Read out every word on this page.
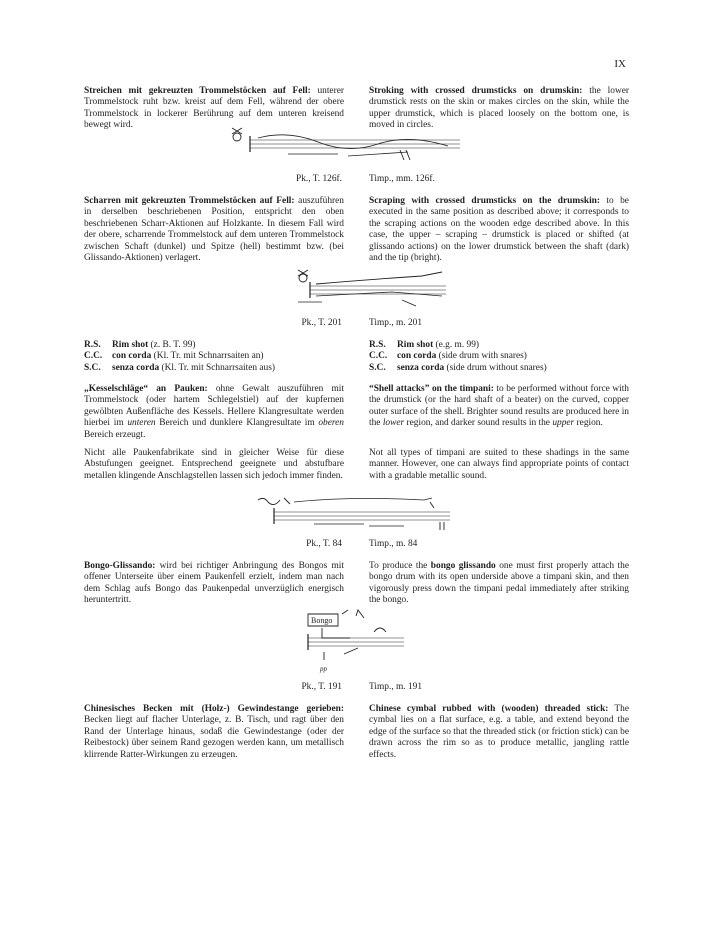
IX
Streichen mit gekreuzten Trommelstöcken auf Fell: unterer Trommelstock ruht bzw. kreist auf dem Fell, während der obere Trommelstock in lockerer Berührung auf dem unteren kreisend bewegt wird.
Stroking with crossed drumsticks on drumskin: the lower drumstick rests on the skin or makes circles on the skin, while the upper drumstick, which is placed loosely on the bottom one, is moved in circles.
Pk., T. 126f.	Timp., mm. 126f.
Scharren mit gekreuzten Trommelstöcken auf Fell: auszuführen in derselben beschriebenen Position, entspricht den oben beschriebenen Scharr-Aktionen auf Holzkante. In diesem Fall wird der obere, scharrende Trommelstock auf dem unteren Trommelstock zwischen Schaft (dunkel) und Spitze (hell) bestimmt bzw. (bei Glissando-Aktionen) verlagert.
Scraping with crossed drumsticks on the drumskin: to be executed in the same position as described above; it corresponds to the scraping actions on the wooden edge described above. In this case, the upper – scraping – drumstick is placed or shifted (at glissando actions) on the lower drumstick between the shaft (dark) and the tip (bright).
Pk., T. 201	Timp., m. 201
R.S.	Rim shot (z. B. T. 99)
C.C.	con corda (Kl. Tr. mit Schnarrsaiten an)
S.C.	senza corda (Kl. Tr. mit Schnarrsaiten aus)
R.S.	Rim shot (e.g. m. 99)
C.C.	con corda (side drum with snares)
S.C.	senza corda (side drum without snares)
„Kesselschläge“ an Pauken: ohne Gewalt auszuführen mit Trommelstock (oder hartem Schlegelstiel) auf der kupfernen gewölbten Außenfläche des Kessels. Hellere Klangresultate werden hierbei im unteren Bereich und dunklere Klangresultate im oberen Bereich erzeugt.
Nicht alle Paukenfabrikate sind in gleicher Weise für diese Abstufungen geeignet. Entsprechend geeignete und abstufbare metallen klingende Anschlagstellen lassen sich jedoch immer finden.
“Shell attacks” on the timpani: to be performed without force with the drumstick (or the hard shaft of a beater) on the curved, copper outer surface of the shell. Brighter sound results are produced here in the lower region, and darker sound results in the upper region.
Not all types of timpani are suited to these shadings in the same manner. However, one can always find appropriate points of contact with a gradable metallic sound.
Pk., T. 84	Timp., m. 84
Bongo-Glissando: wird bei richtiger Anbringung des Bongos mit offener Unterseite über einem Paukenfell erzielt, indem man nach dem Schlag aufs Bongo das Paukenpedal unverzüglich energisch heruntertritt.
To produce the bongo glissando one must first properly attach the bongo drum with its open underside above a timpani skin, and then vigorously press down the timpani pedal immediately after striking the bongo.
Bongo
pp
Pk., T. 191	Timp., m. 191
Chinesisches Becken mit (Holz-) Gewindestange gerieben: Becken liegt auf flacher Unterlage, z. B. Tisch, und ragt über den Rand der Unterlage hinaus, sodaß die Gewindestange (oder der Reibestock) über seinem Rand gezogen werden kann, um metallisch klirrende Ratter-Wirkungen zu erzeugen.
Chinese cymbal rubbed with (wooden) threaded stick: The cymbal lies on a flat surface, e.g. a table, and extend beyond the edge of the surface so that the threaded stick (or friction stick) can be drawn across the rim so as to produce metallic, jangling rattle effects.
